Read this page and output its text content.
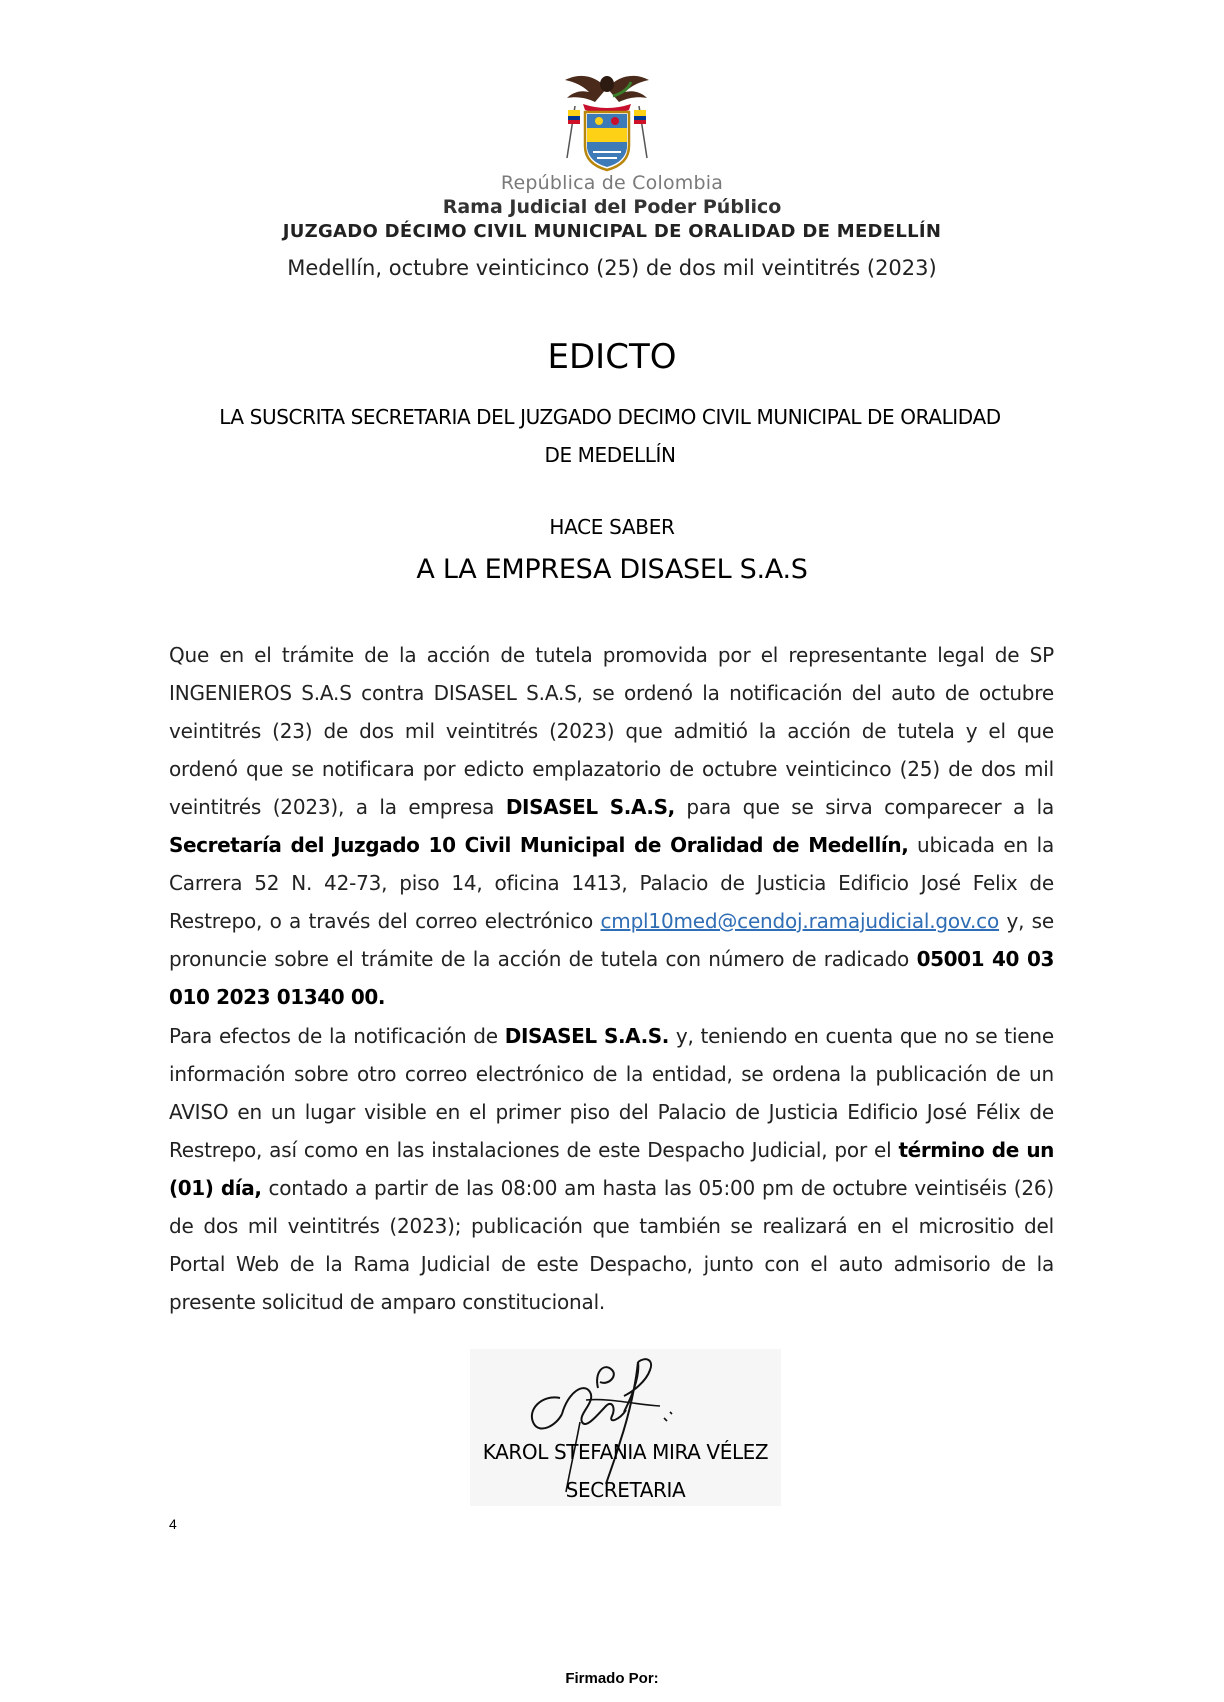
República de Colombia
Rama Judicial del Poder Público
JUZGADO DÉCIMO CIVIL MUNICIPAL DE ORALIDAD DE MEDELLÍN
Medellín, octubre veinticinco (25) de dos mil veintitrés (2023)
EDICTO
LA SUSCRITA SECRETARIA DEL JUZGADO DECIMO CIVIL MUNICIPAL DE ORALIDAD DE MEDELLÍN
HACE SABER
A LA EMPRESA DISASEL S.A.S
Que en el trámite de la acción de tutela promovida por el representante legal de SP INGENIEROS S.A.S contra DISASEL S.A.S, se ordenó la notificación del auto de octubre veintitrés (23) de dos mil veintitrés (2023) que admitió la acción de tutela y el que ordenó que se notificara por edicto emplazatorio de octubre veinticinco (25) de dos mil veintitrés (2023), a la empresa DISASEL S.A.S, para que se sirva comparecer a la Secretaría del Juzgado 10 Civil Municipal de Oralidad de Medellín, ubicada en la Carrera 52 N. 42-73, piso 14, oficina 1413, Palacio de Justicia Edificio José Felix de Restrepo, o a través del correo electrónico cmpl10med@cendoj.ramajudicial.gov.co y, se pronuncie sobre el trámite de la acción de tutela con número de radicado 05001 40 03 010 2023 01340 00.
Para efectos de la notificación de DISASEL S.A.S. y, teniendo en cuenta que no se tiene información sobre otro correo electrónico de la entidad, se ordena la publicación de un AVISO en un lugar visible en el primer piso del Palacio de Justicia Edificio José Félix de Restrepo, así como en las instalaciones de este Despacho Judicial, por el término de un (01) día, contado a partir de las 08:00 am hasta las 05:00 pm de octubre veintiséis (26) de dos mil veintitrés (2023); publicación que también se realizará en el micrositio del Portal Web de la Rama Judicial de este Despacho, junto con el auto admisorio de la presente solicitud de amparo constitucional.
KAROL STEFANIA MIRA VÉLEZ
SECRETARIA
4
Firmado Por:
